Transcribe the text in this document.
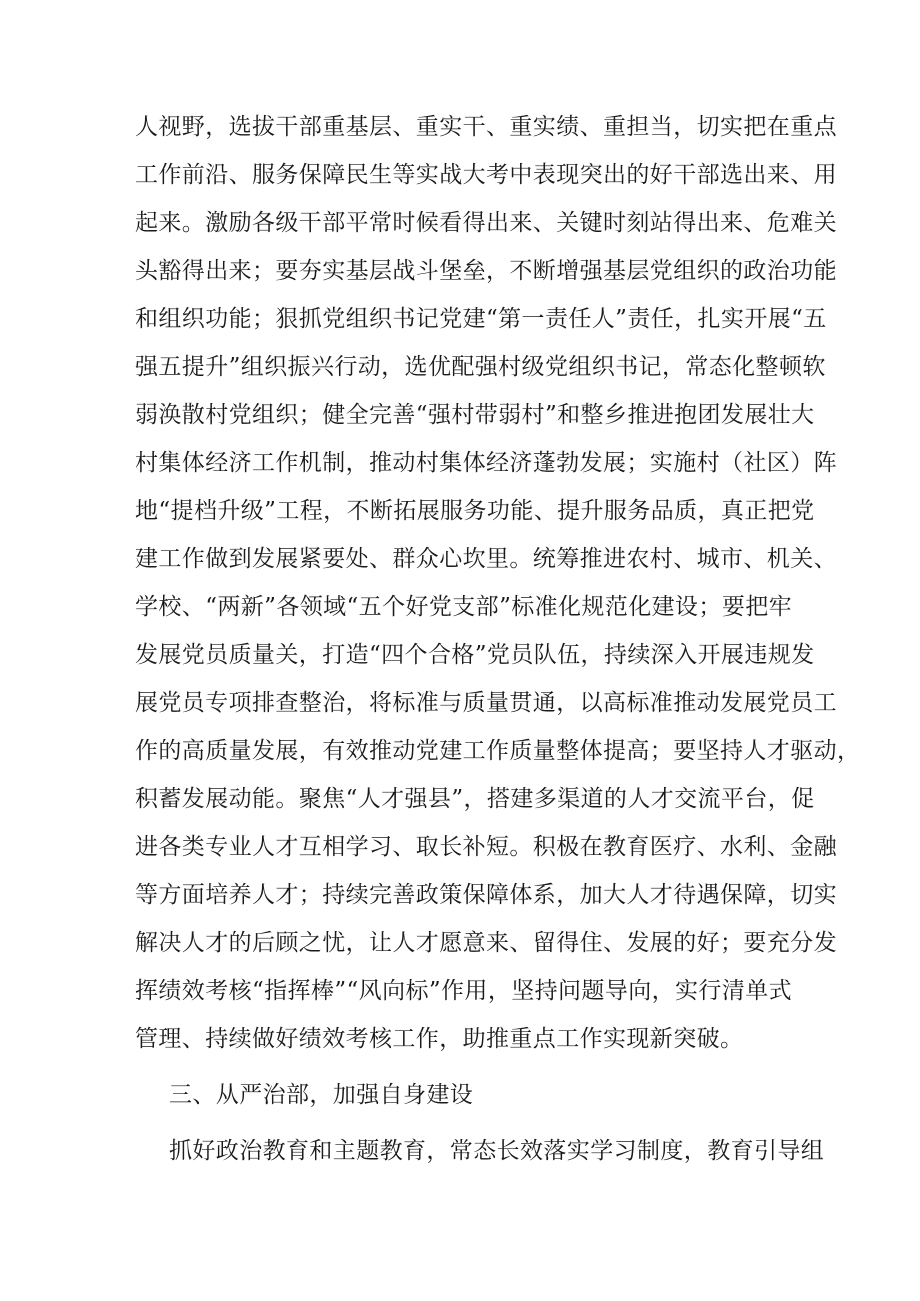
人视野，选拔干部重基层、重实干、重实绩、重担当，切实把在重点
工作前沿、服务保障民生等实战大考中表现突出的好干部选出来、用
起来。激励各级干部平常时候看得出来、关键时刻站得出来、危难关
头豁得出来；要夯实基层战斗堡垒，不断增强基层党组织的政治功能
和组织功能；狠抓党组织书记党建“第一责任人”责任，扎实开展“五
强五提升”组织振兴行动，选优配强村级党组织书记，常态化整顿软
弱涣散村党组织；健全完善“强村带弱村”和整乡推进抱团发展壮大
村集体经济工作机制，推动村集体经济蓬勃发展；实施村（社区）阵
地“提档升级”工程，不断拓展服务功能、提升服务品质，真正把党
建工作做到发展紧要处、群众心坎里。统筹推进农村、城市、机关、
学校、“两新”各领域“五个好党支部”标准化规范化建设；要把牢
发展党员质量关，打造“四个合格”党员队伍，持续深入开展违规发
展党员专项排查整治，将标准与质量贯通，以高标准推动发展党员工
作的高质量发展，有效推动党建工作质量整体提高；要坚持人才驱动，
积蓄发展动能。聚焦“人才强县”，搭建多渠道的人才交流平台，促
进各类专业人才互相学习、取长补短。积极在教育医疗、水利、金融
等方面培养人才；持续完善政策保障体系，加大人才待遇保障，切实
解决人才的后顾之忧，让人才愿意来、留得住、发展的好；要充分发
挥绩效考核“指挥棒”“风向标”作用，坚持问题导向，实行清单式
管理、持续做好绩效考核工作，助推重点工作实现新突破。
三、从严治部，加强自身建设
抓好政治教育和主题教育，常态长效落实学习制度，教育引导组
